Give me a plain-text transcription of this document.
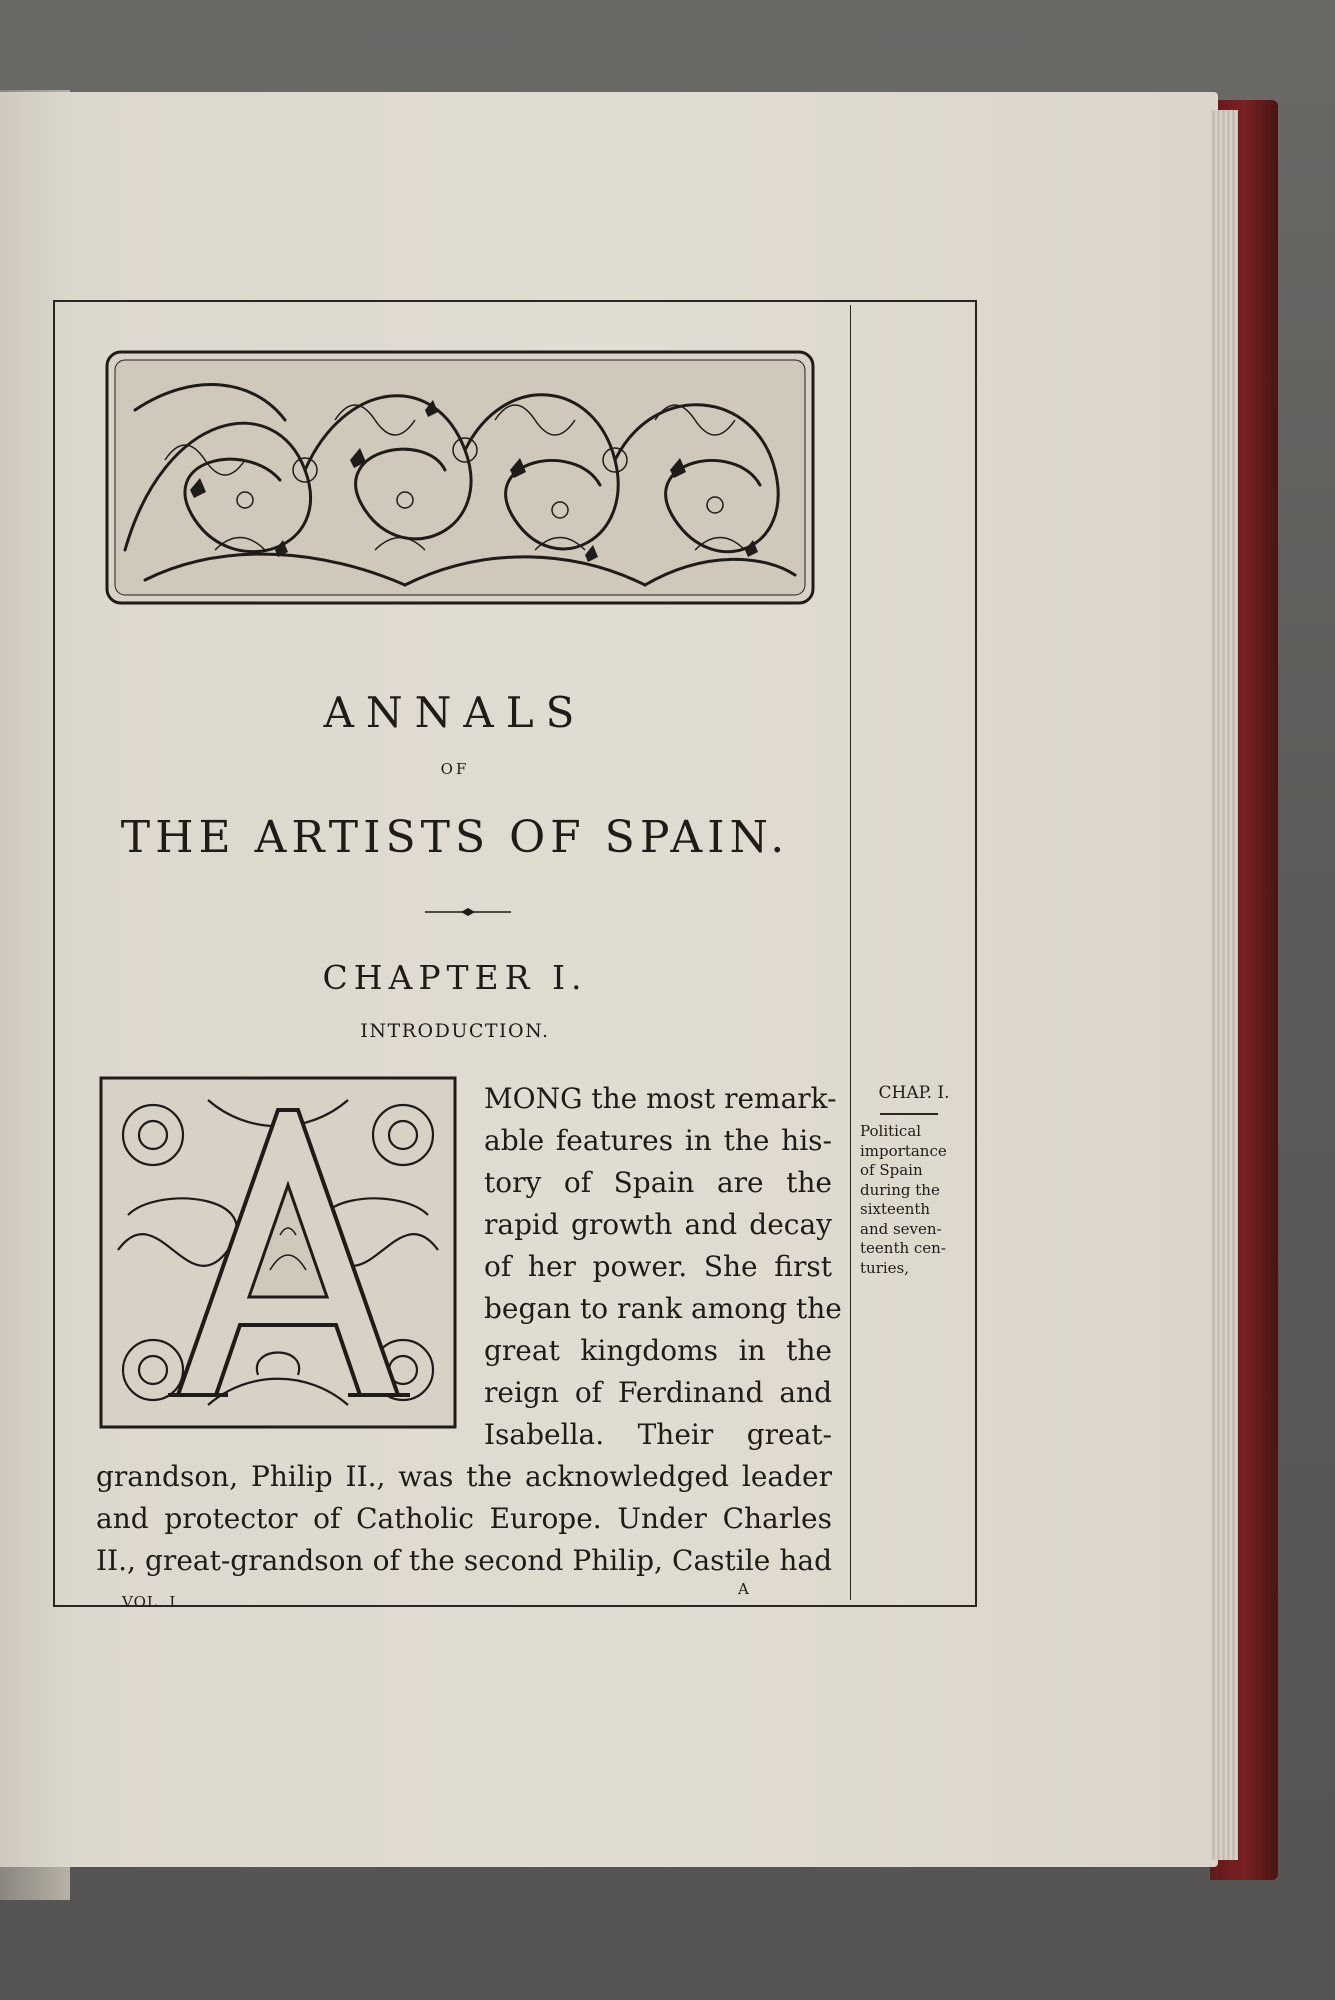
ANNALS
OF
THE ARTISTS OF SPAIN.
CHAPTER I.
INTRODUCTION.
MONG the most remark-
able features in the his-
tory of Spain are the
rapid growth and decay
of her power. She first
began to rank among the
great kingdoms in the
reign of Ferdinand and
Isabella. Their great-
grandson, Philip II., was the acknowledged leader
and protector of Catholic Europe. Under Charles
II., great-grandson of the second Philip, Castile had
VOL. I.
A
CHAP. I.
Political
importance
of Spain
during the
sixteenth
and seven-
teenth cen-
turies,
